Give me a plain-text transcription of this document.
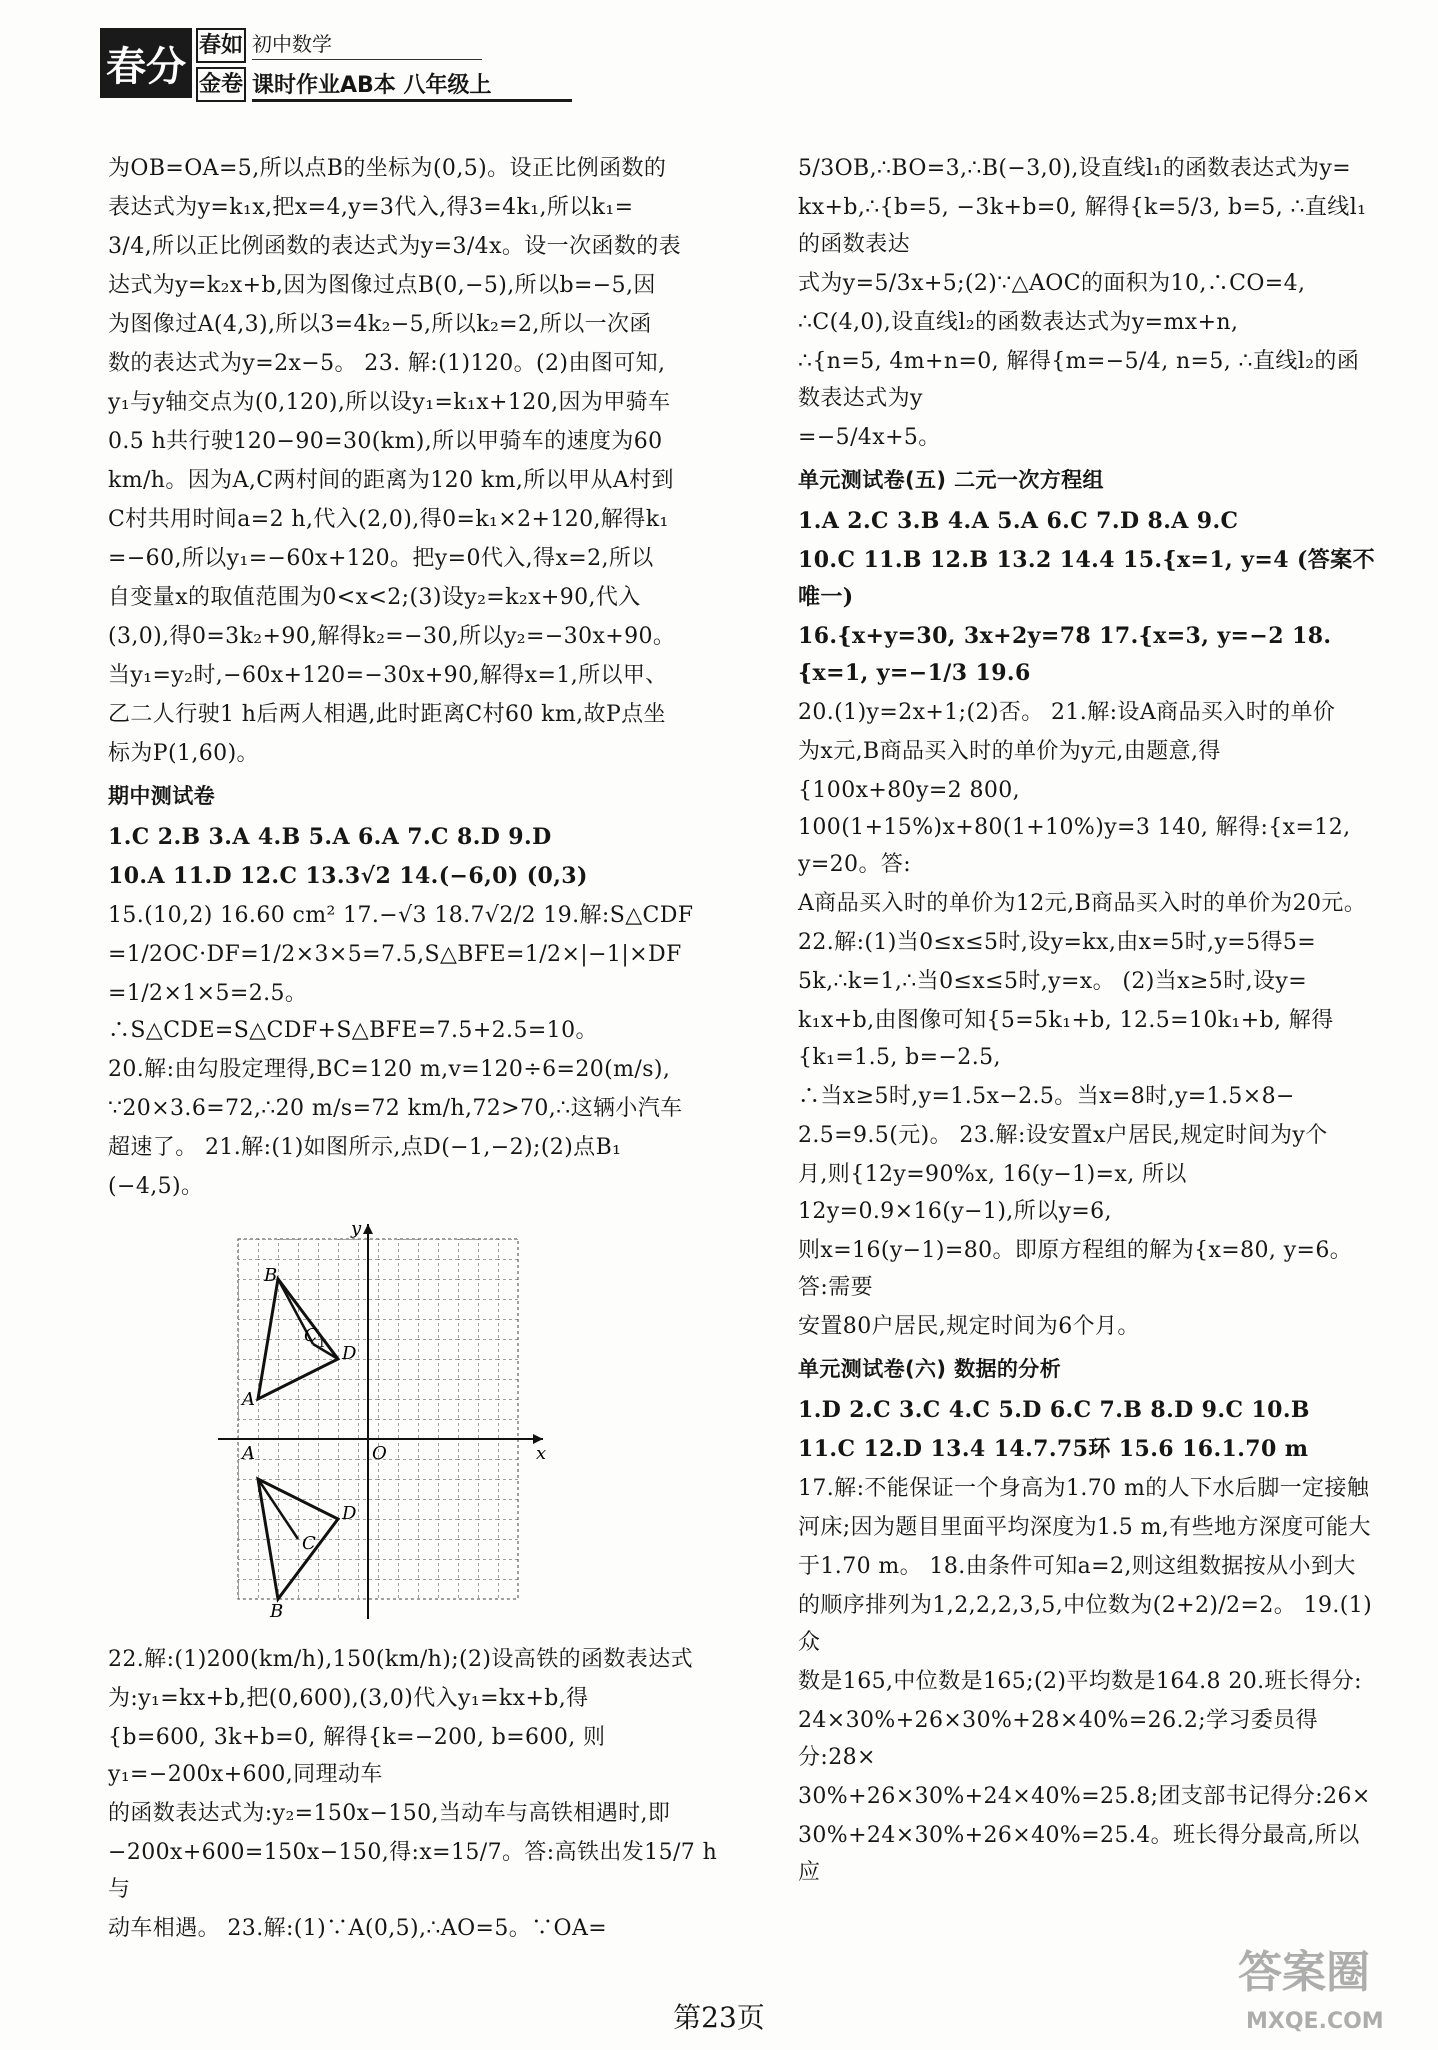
春分 春如
金卷
初中数学
课时作业AB本 八年级上
为OB=OA=5,所以点B的坐标为(0,5)。设正比例函数的
表达式为y=k₁x,把x=4,y=3代入,得3=4k₁,所以k₁=
3/4,所以正比例函数的表达式为y=3/4x。设一次函数的表
达式为y=k₂x+b,因为图像过点B(0,−5),所以b=−5,因
为图像过A(4,3),所以3=4k₂−5,所以k₂=2,所以一次函
数的表达式为y=2x−5。 23. 解:(1)120。(2)由图可知,
y₁与y轴交点为(0,120),所以设y₁=k₁x+120,因为甲骑车
0.5 h共行驶120−90=30(km),所以甲骑车的速度为60
km/h。因为A,C两村间的距离为120 km,所以甲从A村到
C村共用时间a=2 h,代入(2,0),得0=k₁×2+120,解得k₁
=−60,所以y₁=−60x+120。把y=0代入,得x=2,所以
自变量x的取值范围为0<x<2;(3)设y₂=k₂x+90,代入
(3,0),得0=3k₂+90,解得k₂=−30,所以y₂=−30x+90。
当y₁=y₂时,−60x+120=−30x+90,解得x=1,所以甲、
乙二人行驶1 h后两人相遇,此时距离C村60 km,故P点坐
标为P(1,60)。
期中测试卷
1.C 2.B 3.A 4.B 5.A 6.A 7.C 8.D 9.D
10.A 11.D 12.C 13.3√2 14.(−6,0) (0,3)
15.(10,2) 16.60 cm² 17.−√3 18.7√2/2 19.解:S△CDF
=1/2OC·DF=1/2×3×5=7.5,S△BFE=1/2×|−1|×DF
=1/2×1×5=2.5。∴S△CDE=S△CDF+S△BFE=7.5+2.5=10。
20.解:由勾股定理得,BC=120 m,v=120÷6=20(m/s),
∵20×3.6=72,∴20 m/s=72 km/h,72>70,∴这辆小汽车
超速了。 21.解:(1)如图所示,点D(−1,−2);(2)点B₁
(−4,5)。
x
y
O
B
C 1 D
A
A
D
C
B
22.解:(1)200(km/h),150(km/h);(2)设高铁的函数表达式
为:y₁=kx+b,把(0,600),(3,0)代入y₁=kx+b,得
{b=600, 3k+b=0, 解得{k=−200, b=600, 则y₁=−200x+600,同理动车
的函数表达式为:y₂=150x−150,当动车与高铁相遇时,即
−200x+600=150x−150,得:x=15/7。答:高铁出发15/7 h与
动车相遇。 23.解:(1)∵A(0,5),∴AO=5。∵OA=
5/3OB,∴BO=3,∴B(−3,0),设直线l₁的函数表达式为y=
kx+b,∴{b=5, −3k+b=0, 解得{k=5/3, b=5, ∴直线l₁的函数表达
式为y=5/3x+5;(2)∵△AOC的面积为10,∴CO=4,
∴C(4,0),设直线l₂的函数表达式为y=mx+n,
∴{n=5, 4m+n=0, 解得{m=−5/4, n=5, ∴直线l₂的函数表达式为y
=−5/4x+5。
单元测试卷(五) 二元一次方程组
1.A 2.C 3.B 4.A 5.A 6.C 7.D 8.A 9.C
10.C 11.B 12.B 13.2 14.4 15.{x=1, y=4 (答案不唯一)
16.{x+y=30, 3x+2y=78 17.{x=3, y=−2 18.{x=1, y=−1/3 19.6
20.(1)y=2x+1;(2)否。 21.解:设A商品买入时的单价
为x元,B商品买入时的单价为y元,由题意,得
{100x+80y=2 800, 100(1+15%)x+80(1+10%)y=3 140, 解得:{x=12, y=20。答:
A商品买入时的单价为12元,B商品买入时的单价为20元。
22.解:(1)当0≤x≤5时,设y=kx,由x=5时,y=5得5=
5k,∴k=1,∴当0≤x≤5时,y=x。 (2)当x≥5时,设y=
k₁x+b,由图像可知{5=5k₁+b, 12.5=10k₁+b, 解得{k₁=1.5, b=−2.5,
∴当x≥5时,y=1.5x−2.5。当x=8时,y=1.5×8−
2.5=9.5(元)。 23.解:设安置x户居民,规定时间为y个
月,则{12y=90%x, 16(y−1)=x, 所以12y=0.9×16(y−1),所以y=6,
则x=16(y−1)=80。即原方程组的解为{x=80, y=6。答:需要
安置80户居民,规定时间为6个月。
单元测试卷(六) 数据的分析
1.D 2.C 3.C 4.C 5.D 6.C 7.B 8.D 9.C 10.B
11.C 12.D 13.4 14.7.75环 15.6 16.1.70 m
17.解:不能保证一个身高为1.70 m的人下水后脚一定接触
河床;因为题目里面平均深度为1.5 m,有些地方深度可能大
于1.70 m。 18.由条件可知a=2,则这组数据按从小到大
的顺序排列为1,2,2,2,3,5,中位数为(2+2)/2=2。 19.(1)众
数是165,中位数是165;(2)平均数是164.8 20.班长得分:
24×30%+26×30%+28×40%=26.2;学习委员得分:28×
30%+26×30%+24×40%=25.8;团支部书记得分:26×
30%+24×30%+26×40%=25.4。班长得分最高,所以应
第23页
答案圈
MXQE.COM
